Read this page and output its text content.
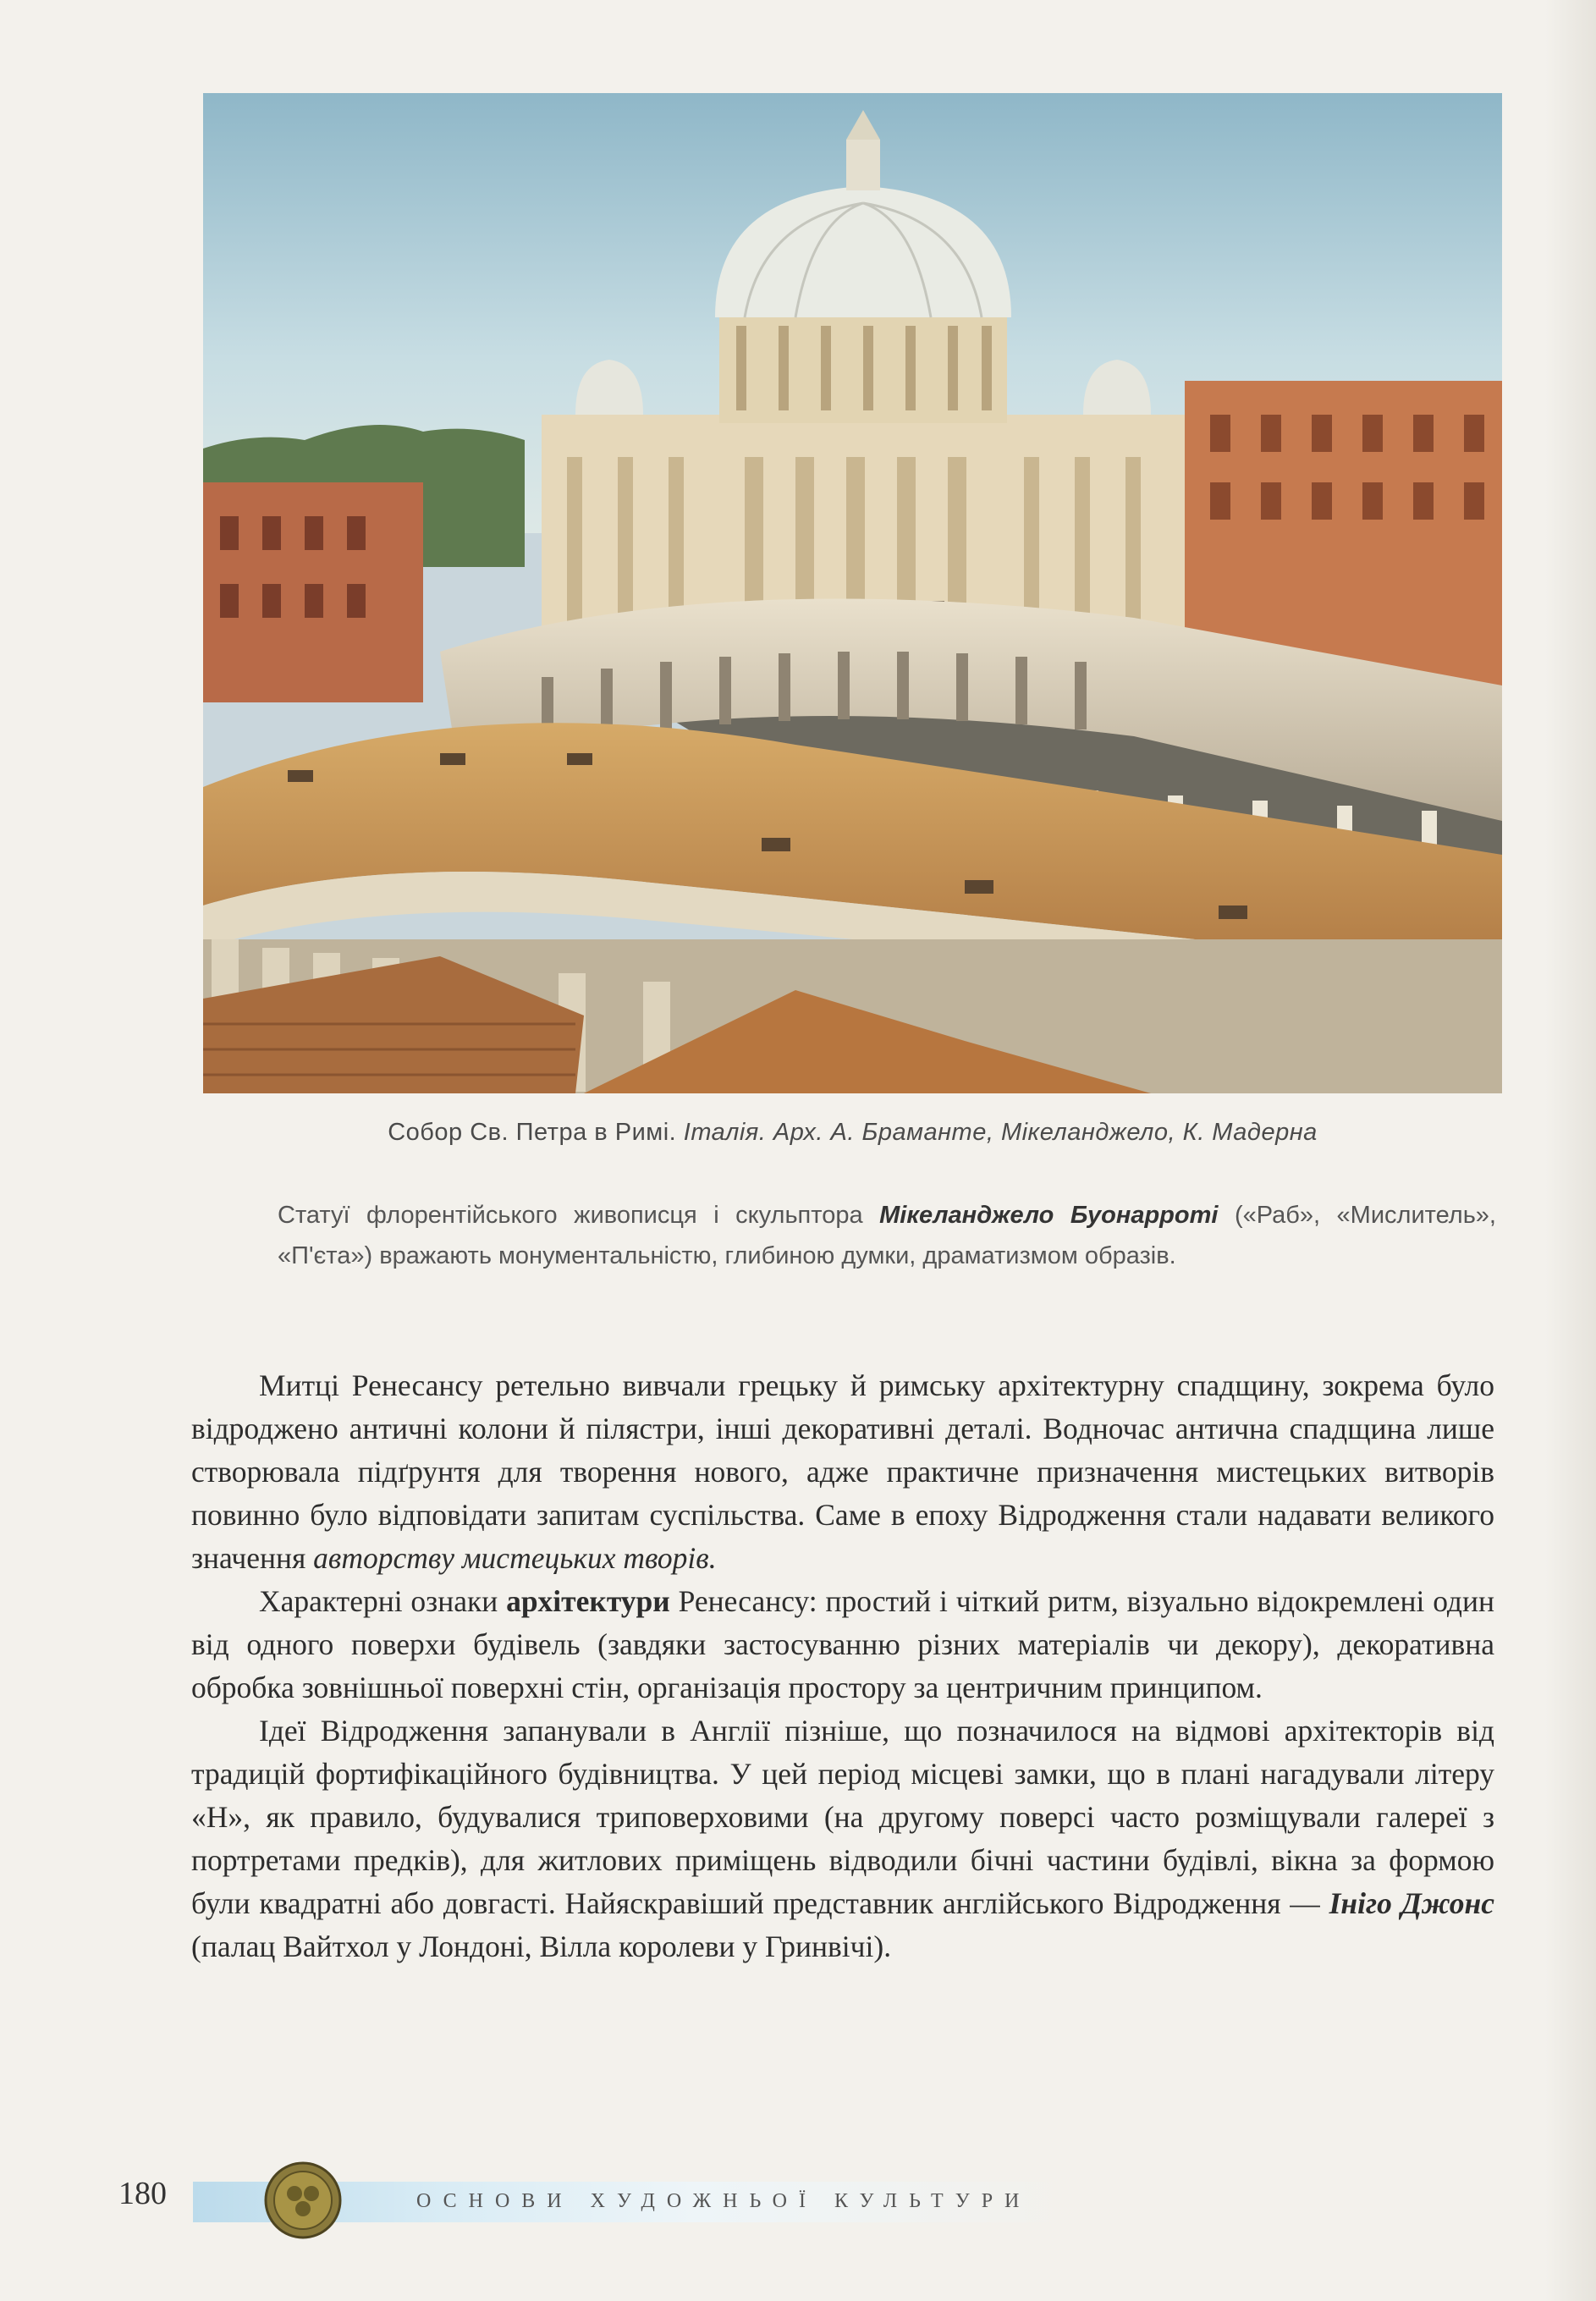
Собор Св. Петра в Римі. Італія. Арх. А. Браманте, Мікеланджело, К. Мадерна
Статуї флорентійського живописця і скульптора Мікеланджело Буонарроті («Раб», «Мислитель», «П'єта») вражають монументальністю, глибиною думки, драматизмом образів.

Митці Ренесансу ретельно вивчали грецьку й римську архітектурну спадщину, зокрема було відроджено античні колони й пілястри, інші декоративні деталі. Водночас антична спадщина лише створювала підґрунтя для творення нового, адже практичне призначення мистецьких витворів повинно було відповідати запитам суспільства. Саме в епоху Відродження стали надавати великого значення авторству мистецьких творів.

Характерні ознаки архітектури Ренесансу: простий і чіткий ритм, візуально відокремлені один від одного поверхи будівель (завдяки застосуванню різних матеріалів чи декору), декоративна обробка зовнішньої поверхні стін, організація простору за центричним принципом.

Ідеї Відродження запанували в Англії пізніше, що позначилося на відмові архітекторів від традицій фортифікаційного будівництва. У цей період місцеві замки, що в плані нагадували літеру «Н», як правило, будувалися триповерховими (на другому поверсі часто розміщували галереї з портретами предків), для житлових приміщень відводили бічні частини будівлі, вікна за формою були квадратні або довгасті. Найяскравіший представник англійського Відродження — Ініго Джонс (палац Вайтхол у Лондоні, Вілла королеви у Гринвічі).

180	ОСНОВИ ХУДОЖНЬОЇ КУЛЬТУРИ
